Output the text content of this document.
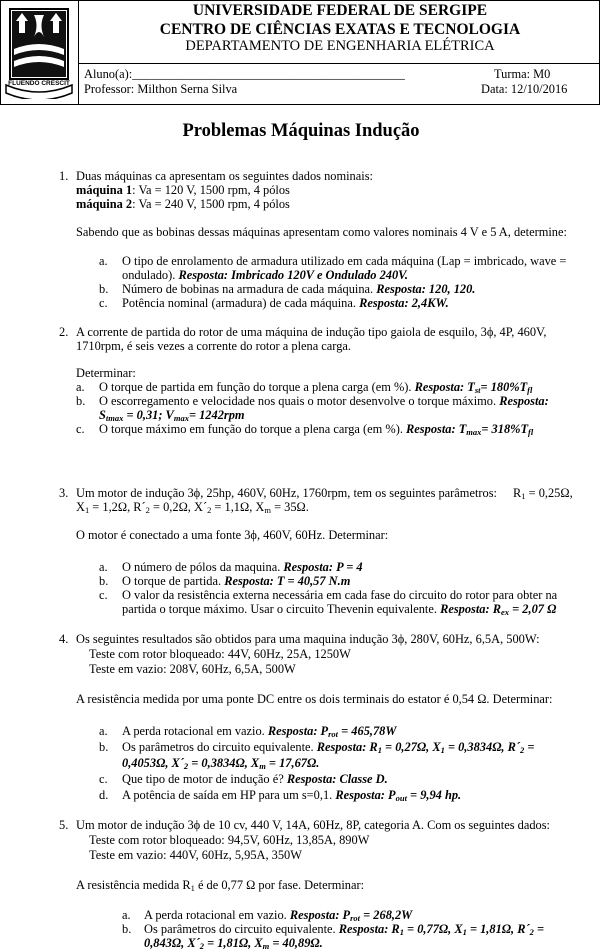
FLUENDO CRESCIT
UNIVERSIDADE FEDERAL DE SERGIPE
CENTRO DE CIÊNCIAS EXATAS E TECNOLOGIA
DEPARTAMENTO DE ENGENHARIA ELÉTRICA
Aluno(a):____________________________________________	Turma: M0
Professor: Milthon Serna Silva	Data: 12/10/2016
Problemas Máquinas Indução
1. Duas máquinas ca apresentam os seguintes dados nominais:
máquina 1: Va = 120 V, 1500 rpm, 4 pólos
máquina 2: Va = 240 V, 1500 rpm, 4 pólos
Sabendo que as bobinas dessas máquinas apresentam como valores nominais 4 V e 5 A, determine:
a. O tipo de enrolamento de armadura utilizado em cada máquina (Lap = imbricado, wave =
ondulado). Resposta: Imbricado 120V e Ondulado 240V.
b. Número de bobinas na armadura de cada máquina. Resposta: 120, 120.
c. Potência nominal (armadura) de cada máquina. Resposta: 2,4KW.
2. A corrente de partida do rotor de uma máquina de indução tipo gaiola de esquilo, 3ϕ, 4P, 460V,
1710rpm, é seis vezes a corrente do rotor a plena carga.
Determinar:
a. O torque de partida em função do torque a plena carga (em %). Resposta: $T_{st}= 180\%T_{fl}$
b. O escorregamento e velocidade nos quais o motor desenvolve o torque máximo. Resposta:
$S_{tmax} = 0,31$; $V_{max}= 1242rpm$
c. O torque máximo em função do torque a plena carga (em %). Resposta: $T_{max}= 318\%T_{fl}$
3. Um motor de indução 3ϕ, 25hp, 460V, 60Hz, 1760rpm, tem os seguintes parâmetros: $R_1 = 0,25\Omega$,
$X_1 = 1,2\Omega$, $R´_2 = 0,2\Omega$, $X´_2 = 1,1\Omega$, $X_m = 35\Omega$.
O motor é conectado a uma fonte 3ϕ, 460V, 60Hz. Determinar:
a. O número de pólos da maquina. Resposta: P = 4
b. O torque de partida. Resposta: T = 40,57 N.m
c. O valor da resistência externa necessária em cada fase do circuito do rotor para obter na
partida o torque máximo. Usar o circuito Thevenin equivalente. Resposta: $R_{ex} = 2,07$ Ω
4. Os seguintes resultados são obtidos para uma maquina indução 3ϕ, 280V, 60Hz, 6,5A, 500W:
Teste com rotor bloqueado: 44V, 60Hz, 25A, 1250W
Teste em vazio: 208V, 60Hz, 6,5A, 500W
A resistência medida por uma ponte DC entre os dois terminais do estator é 0,54 Ω. Determinar:
a. A perda rotacional em vazio. Resposta: $P_{rot} = 465,78W$
b. Os parâmetros do circuito equivalente. Resposta: $R_1 = 0,27\Omega$, $X_1 = 0,3834\Omega$, $R´_2$ =
0,4053Ω, $X´_2 = 0,3834\Omega$, $X_m = 17,67\Omega$.
c. Que tipo de motor de indução é? Resposta: Classe D.
d. A potência de saída em HP para um s=0,1. Resposta: $P_{out} = 9,94$ hp.
5. Um motor de indução 3ϕ de 10 cv, 440 V, 14A, 60Hz, 8P, categoria A. Com os seguintes dados:
Teste com rotor bloqueado: 94,5V, 60Hz, 13,85A, 890W
Teste em vazio: 440V, 60Hz, 5,95A, 350W
A resistência medida $R_1$ é de 0,77 Ω por fase. Determinar:
a. A perda rotacional em vazio. Resposta: $P_{rot} = 268,2W$
b. Os parâmetros do circuito equivalente. Resposta: $R_1 = 0,77\Omega$, $X_1 = 1,81\Omega$, $R´_2$ =
0,843Ω, $X´_2 = 1,81\Omega$, $X_m = 40,89\Omega$.
